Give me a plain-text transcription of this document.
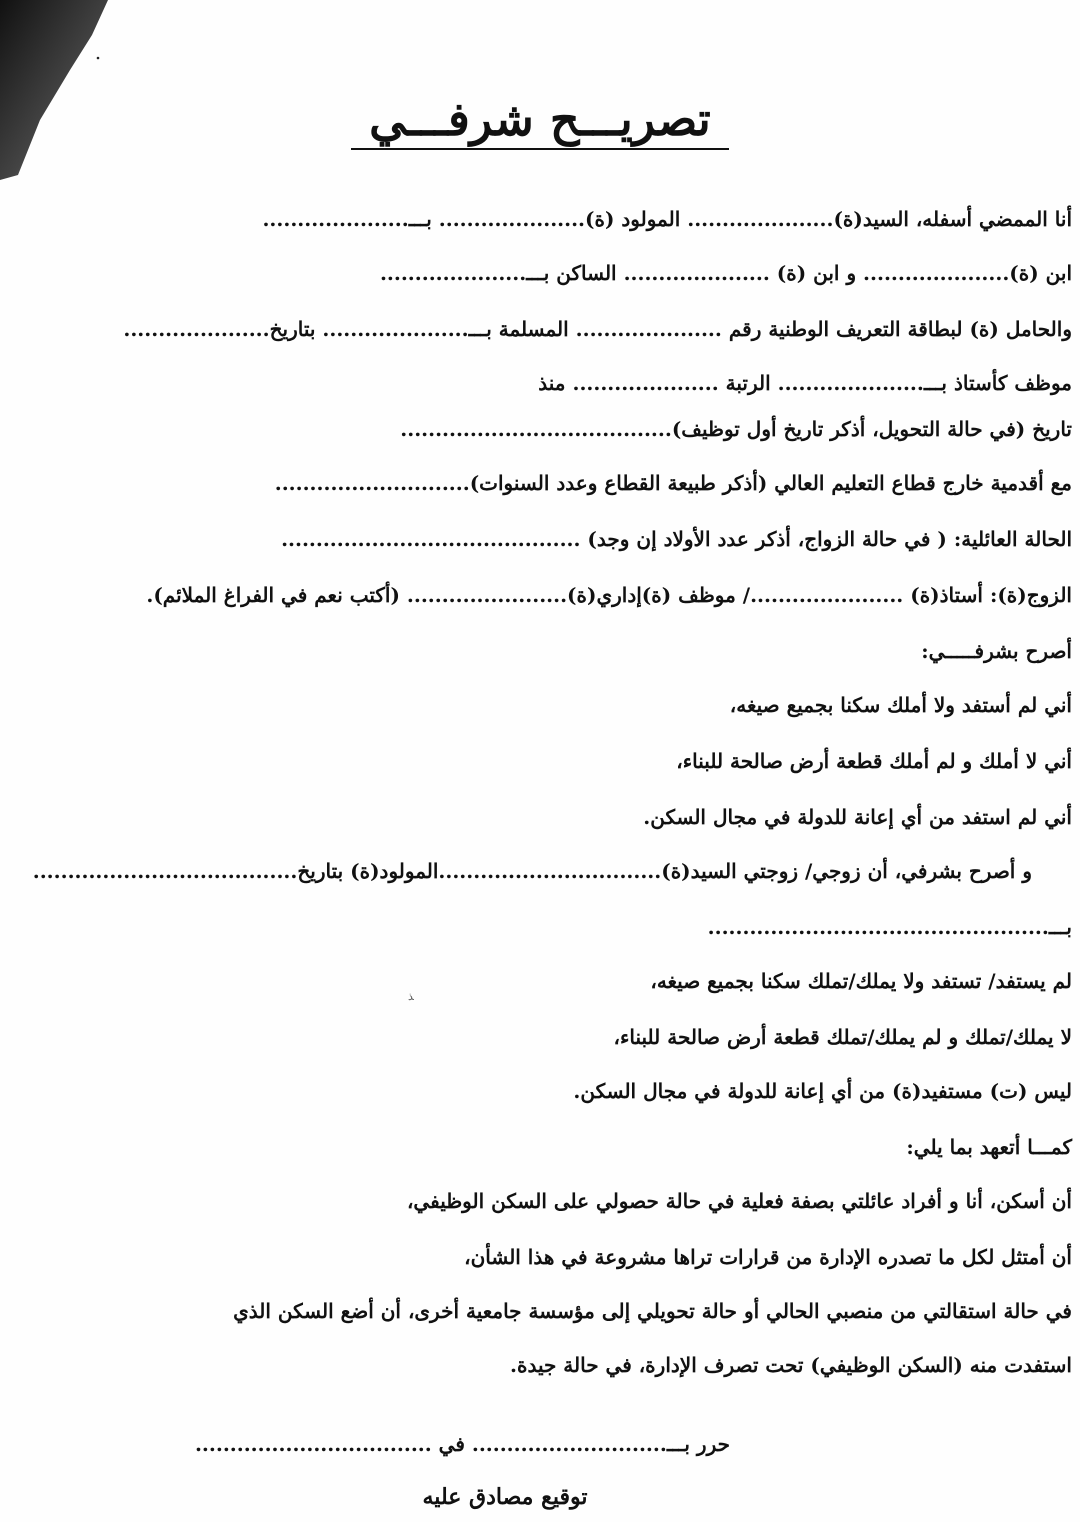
تصريـــح شرفـــي
أنا الممضي أسفله، السيد(ة)..................... المولود (ة)..................... بـــ.....................
ابن (ة)..................... و ابن (ة) ..................... الساكن بـــ.....................
والحامل (ة) لبطاقة التعريف الوطنية رقم ..................... المسلمة بـــ..................... بتاريخ.....................
موظف كأستاذ بـــ..................... الرتبة ..................... منذ
تاريخ (في حالة التحويل، أذكر تاريخ أول توظيف).......................................
مع أقدمية خارج قطاع التعليم العالي (أذكر طبيعة القطاع وعدد السنوات)............................
الحالة العائلية: ( في حالة الزواج، أذكر عدد الأولاد إن وجد) ...........................................
الزوج(ة): أستاذ(ة) ....................../ موظف (ة)إداري(ة)....................... (أكتب نعم في الفراغ الملائم).
أصرح بشرفـــــي:
أني لم أستفد ولا أملك سكنا بجميع صيغه،
أني لا أملك و لم أملك قطعة أرض صالحة للبناء،
أني لم استفد من أي إعانة للدولة في مجال السكن.
و أصرح بشرفي، أن زوجي/ زوجتي السيد(ة)................................المولود(ة) بتاريخ......................................
بـــ.................................................
لم يستفد/ تستفد ولا يملك/تملك سكنا بجميع صيغه،
لا يملك/تملك و لم يملك/تملك قطعة أرض صالحة للبناء،
ليس (ت) مستفيد(ة) من أي إعانة للدولة في مجال السكن.
ﺬ
كمـــا أتعهد بما يلي:
أن أسكن، أنا و أفراد عائلتي بصفة فعلية في حالة حصولي على السكن الوظيفي،
أن أمتثل لكل ما تصدره الإدارة من قرارات تراها مشروعة في هذا الشأن،
في حالة استقالتي من منصبي الحالي أو حالة تحويلي إلى مؤسسة جامعية أخرى، أن أضع السكن الذي
استفدت منه (السكن الوظيفي) تحت تصرف الإدارة، في حالة جيدة.
حرر بـــ............................ في ..................................
توقيع مصادق عليه
